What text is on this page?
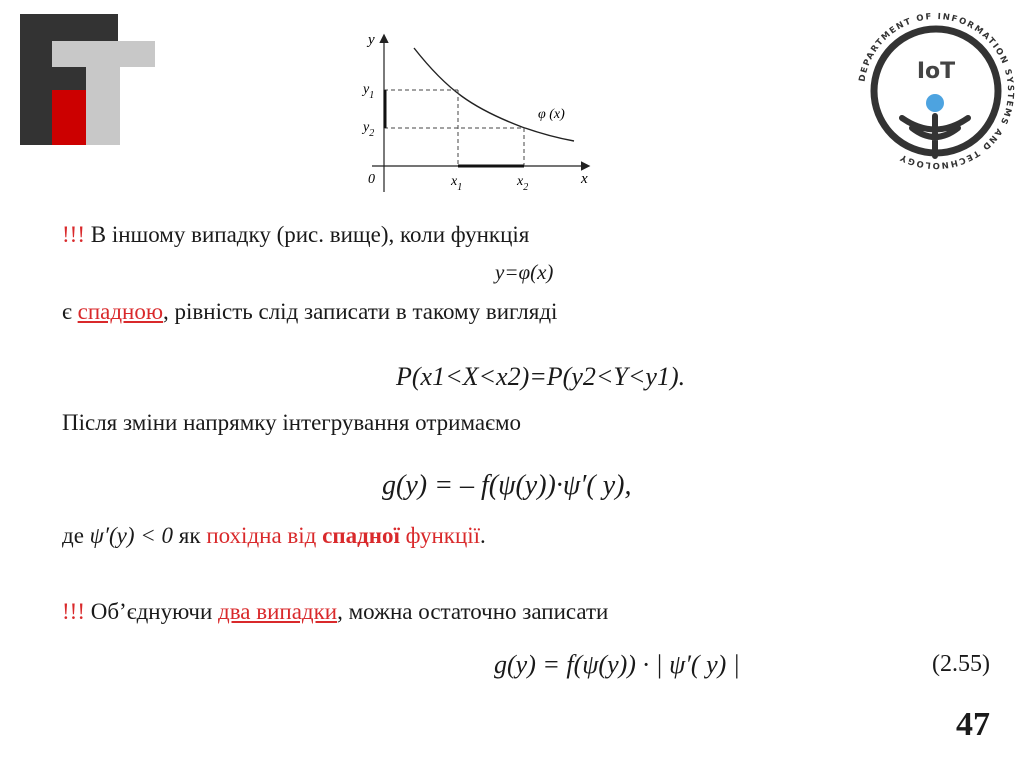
y
x
0
$y_1$
$y_2$
$x_1$	$x_2$
φ (x)
DEPARTMENT OF INFORMATION SYSTEMS AND TECHNOLOGY
IoT
!!! В іншому випадку (рис. вище), коли функція
y=φ(x)
є спадною, рівність слід записати в такому вигляді
P(x1<X<x2)=P(y2<Y<y1).
Після зміни напрямку інтегрування отримаємо
g(y) = – f(ψ(y))·ψ′( y),
де ψ′(y) < 0 як похідна від спадної функції.
!!! Об’єднуючи два випадки, можна остаточно записати
g(y) = f(ψ(y)) · | ψ′( y) |	(2.55)
47
